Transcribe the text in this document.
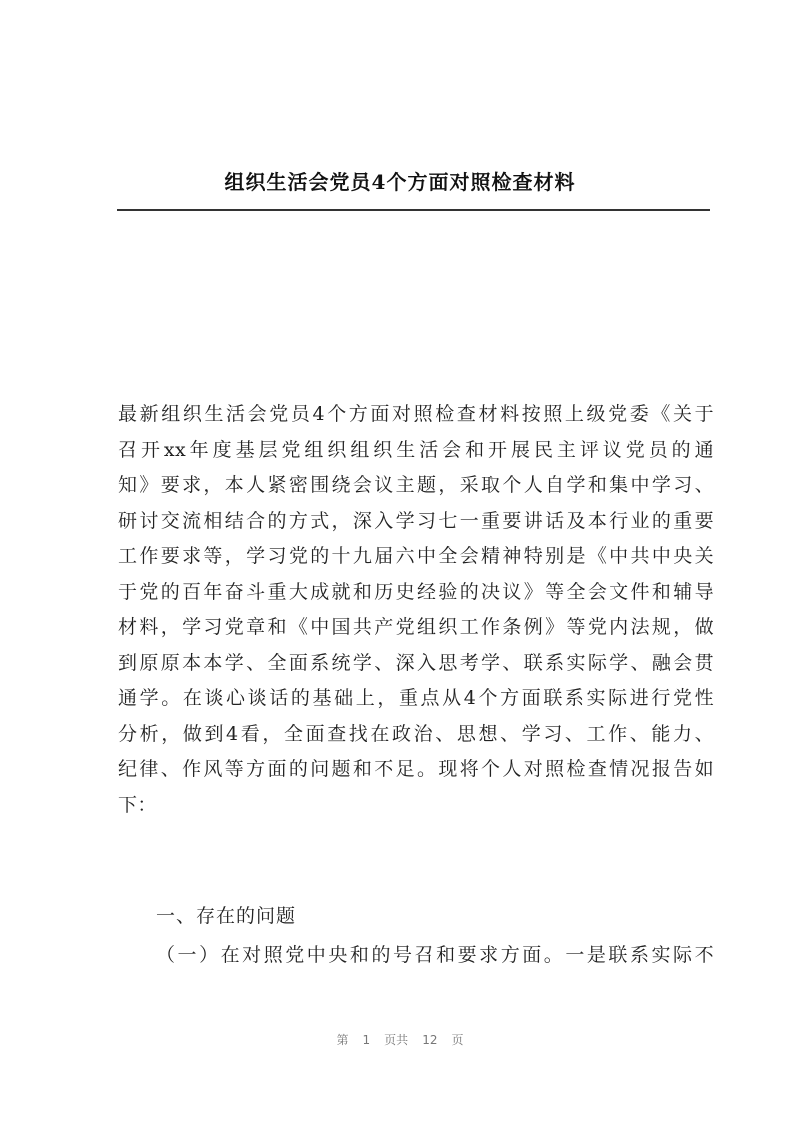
组织生活会党员4个方面对照检查材料
最新组织生活会党员4个方面对照检查材料按照上级党委《关于
召开xx年度基层党组织组织生活会和开展民主评议党员的通
知》要求，本人紧密围绕会议主题，采取个人自学和集中学习、
研讨交流相结合的方式，深入学习七一重要讲话及本行业的重要
工作要求等，学习党的十九届六中全会精神特别是《中共中央关
于党的百年奋斗重大成就和历史经验的决议》等全会文件和辅导
材料，学习党章和《中国共产党组织工作条例》等党内法规，做
到原原本本学、全面系统学、深入思考学、联系实际学、融会贯
通学。在谈心谈话的基础上，重点从4个方面联系实际进行党性
分析，做到4看，全面查找在政治、思想、学习、工作、能力、
纪律、作风等方面的问题和不足。现将个人对照检查情况报告如
下：
一、存在的问题
（一）在对照党中央和的号召和要求方面。一是联系实际不
第 1 页共 12 页
